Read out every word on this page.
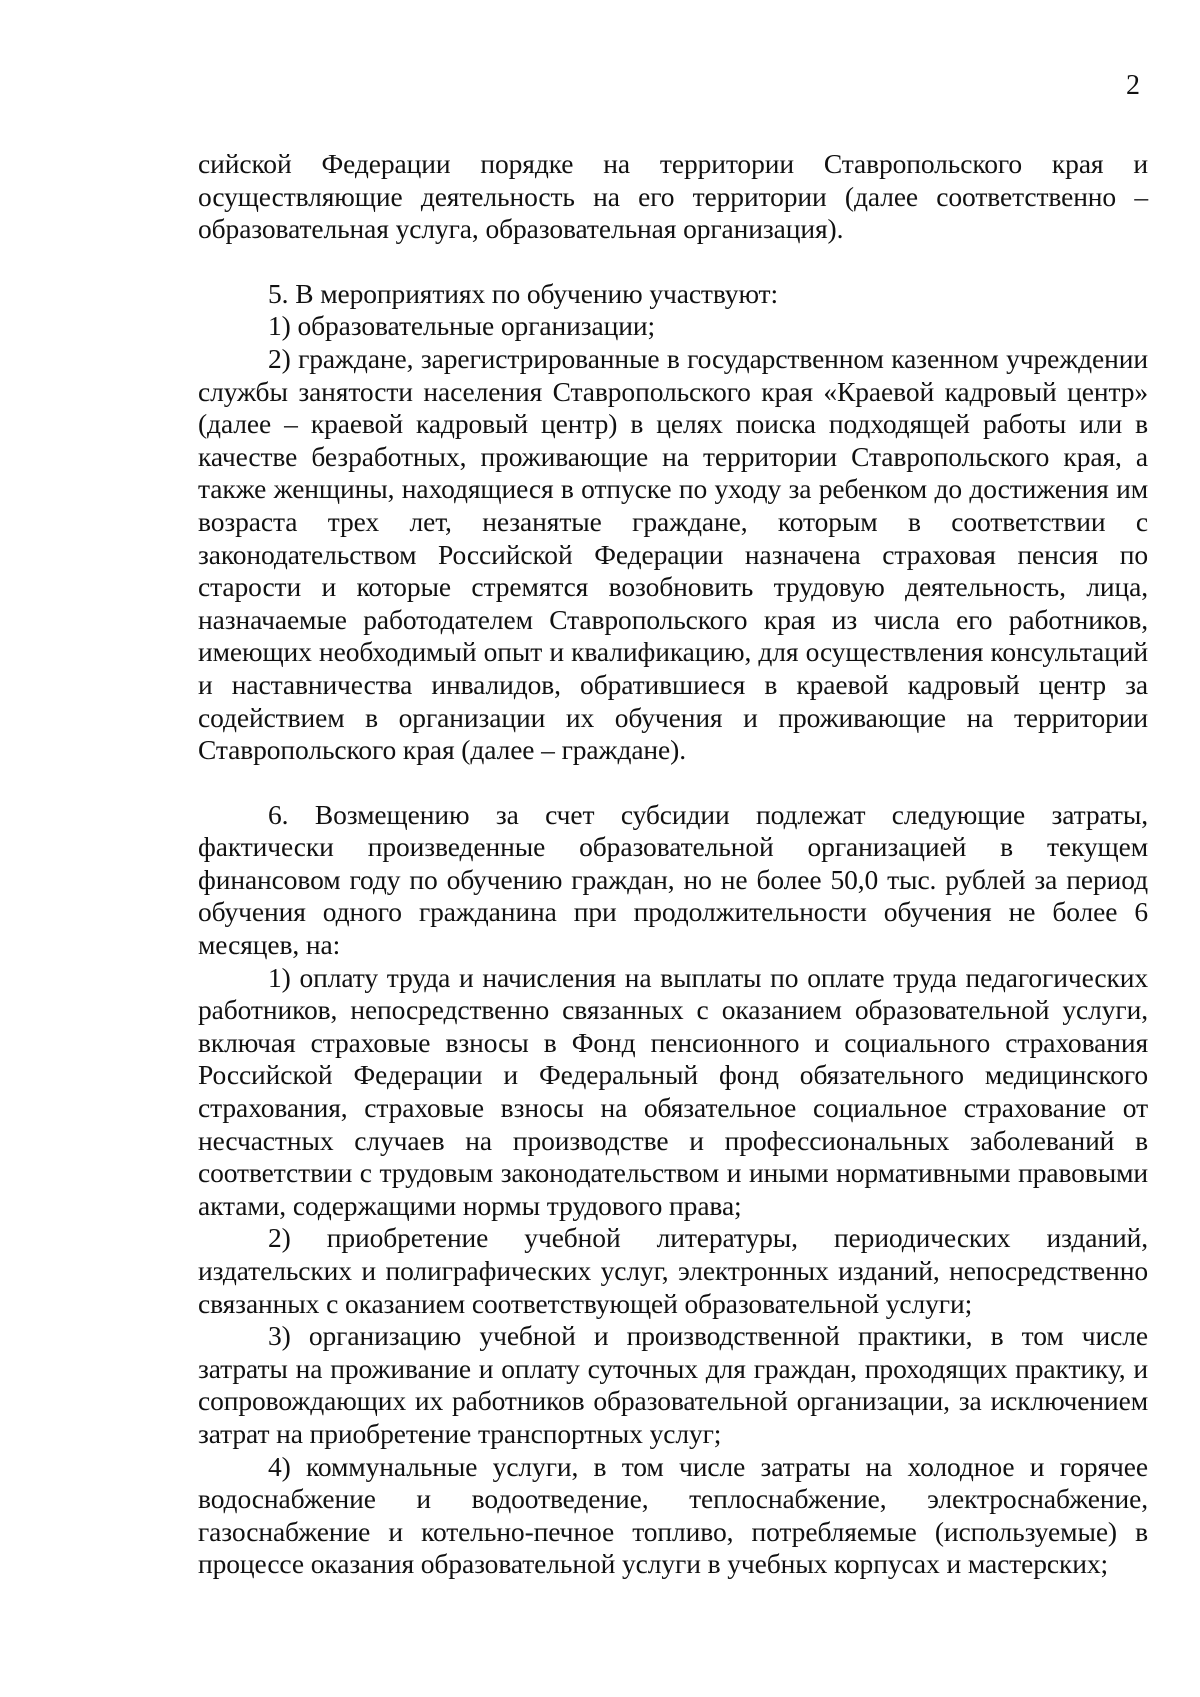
2

сийской Федерации порядке на территории Ставропольского края и осуществляющие деятельность на его территории (далее соответственно – образовательная услуга, образовательная организация).

5. В мероприятиях по обучению участвуют:

1) образовательные организации;

2) граждане, зарегистрированные в государственном казенном учреждении службы занятости населения Ставропольского края «Краевой кадровый центр» (далее – краевой кадровый центр) в целях поиска подходящей работы или в качестве безработных, проживающие на территории Ставропольского края, а также женщины, находящиеся в отпуске по уходу за ребенком до достижения им возраста трех лет, незанятые граждане, которым в соответствии с законодательством Российской Федерации назначена страховая пенсия по старости и которые стремятся возобновить трудовую деятельность, лица, назначаемые работодателем Ставропольского края из числа его работников, имеющих необходимый опыт и квалификацию, для осуществления консультаций и наставничества инвалидов, обратившиеся в краевой кадровый центр за содействием в организации их обучения и проживающие на территории Ставропольского края (далее – граждане).

6. Возмещению за счет субсидии подлежат следующие затраты, фактически произведенные образовательной организацией в текущем финансовом году по обучению граждан, но не более 50,0 тыс. рублей за период обучения одного гражданина при продолжительности обучения не более 6 месяцев, на:

1) оплату труда и начисления на выплаты по оплате труда педагогических работников, непосредственно связанных с оказанием образовательной услуги, включая страховые взносы в Фонд пенсионного и социального страхования Российской Федерации и Федеральный фонд обязательного медицинского страхования, страховые взносы на обязательное социальное страхование от несчастных случаев на производстве и профессиональных заболеваний в соответствии с трудовым законодательством и иными нормативными правовыми актами, содержащими нормы трудового права;

2) приобретение учебной литературы, периодических изданий, издательских и полиграфических услуг, электронных изданий, непосредственно связанных с оказанием соответствующей образовательной услуги;

3) организацию учебной и производственной практики, в том числе затраты на проживание и оплату суточных для граждан, проходящих практику, и сопровождающих их работников образовательной организации, за исключением затрат на приобретение транспортных услуг;

4) коммунальные услуги, в том числе затраты на холодное и горячее водоснабжение и водоотведение, теплоснабжение, электроснабжение, газоснабжение и котельно-печное топливо, потребляемые (используемые) в процессе оказания образовательной услуги в учебных корпусах и мастерских;
